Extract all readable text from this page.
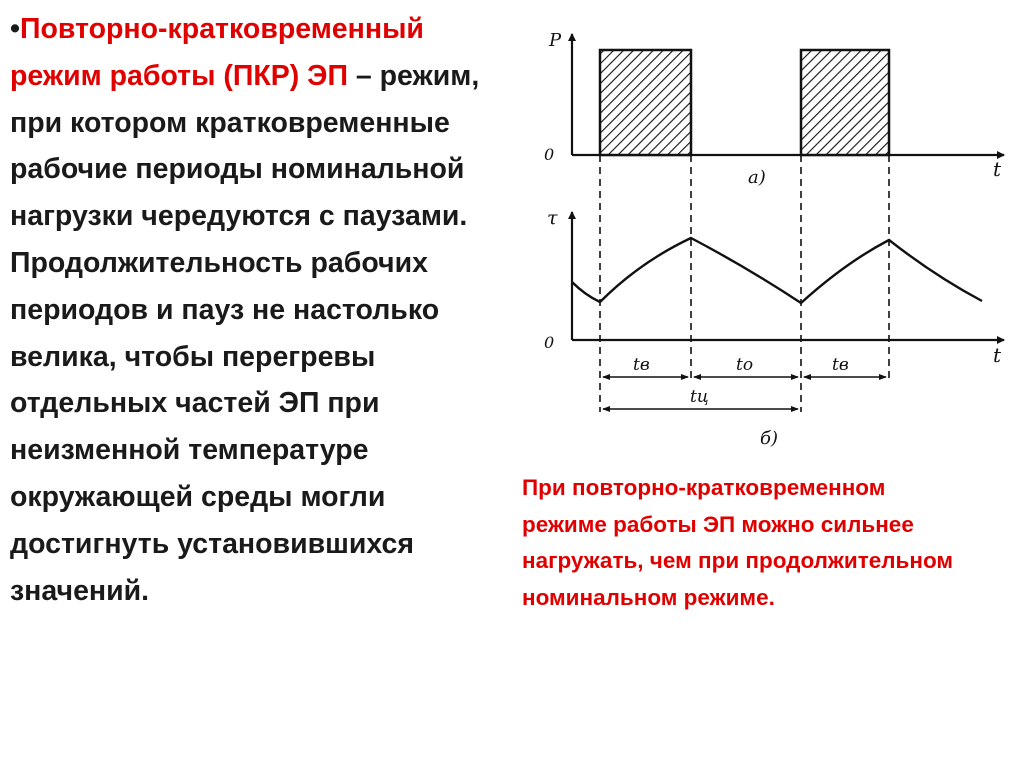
•Повторно-кратковременный режим работы (ПКР) ЭП – режим, при котором кратковременные рабочие периоды номинальной нагрузки чередуются с паузами. Продолжительность рабочих периодов и пауз не настолько велика, чтобы перегревы отдельных частей ЭП при неизменной температуре окружающей среды могли достигнуть установившихся значений.

P
0
t
а)
τ
0
t
tв	tо	tв
tц
б)

При повторно-кратковременном режиме работы ЭП можно сильнее нагружать, чем при продолжительном номинальном режиме.
